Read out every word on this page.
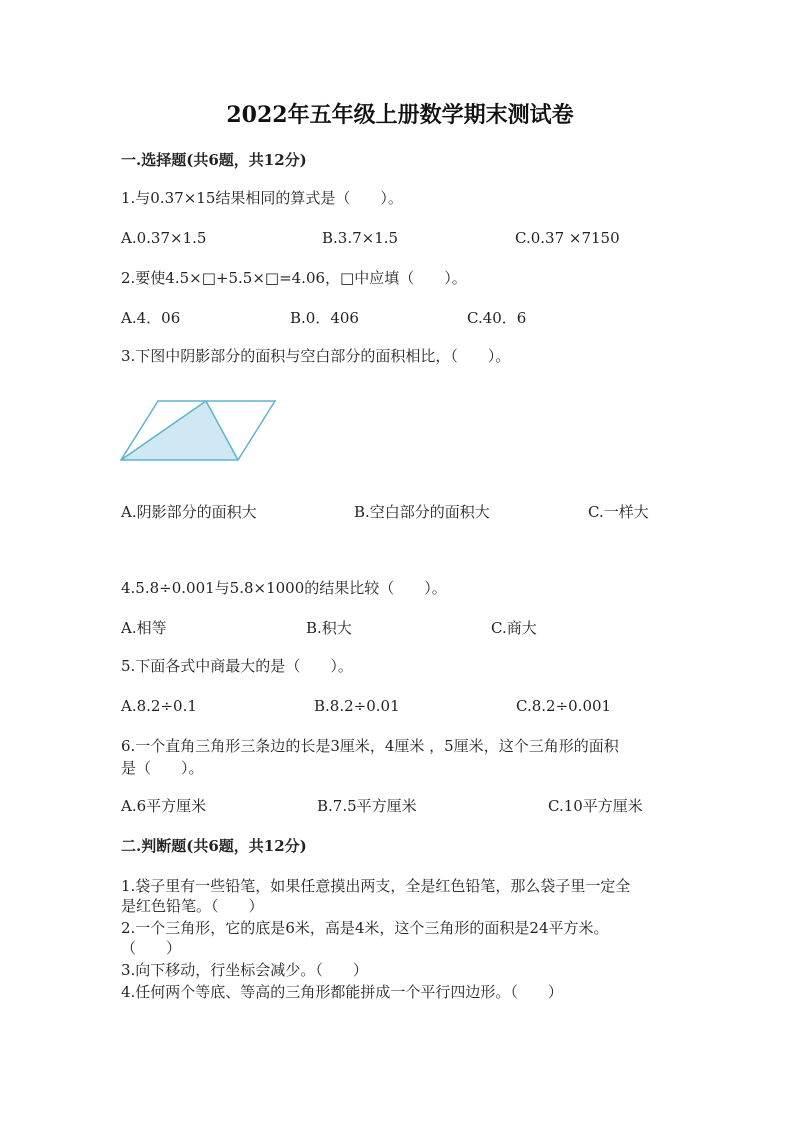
2022年五年级上册数学期末测试卷
一.选择题(共6题，共12分)
1.与0.37×15结果相同的算式是（　　）。
A.0.37×1.5	B.3.7×1.5	C.0.37 ×7150
2.要使4.5×□+5.5×□=4.06，□中应填（　　）。
A.4．06	B.0．406	C.40．6
3.下图中阴影部分的面积与空白部分的面积相比，（　　）。
A.阴影部分的面积大	B.空白部分的面积大	C.一样大
4.5.8÷0.001与5.8×1000的结果比较（　　）。
A.相等	B.积大	C.商大
5.下面各式中商最大的是（　　）。
A.8.2÷0.1	B.8.2÷0.01	C.8.2÷0.001
6.一个直角三角形三条边的长是3厘米，4厘米 ，5厘米，这个三角形的面积
是（　　）。
A.6平方厘米	B.7.5平方厘米	C.10平方厘米
二.判断题(共6题，共12分)
1.袋子里有一些铅笔，如果任意摸出两支，全是红色铅笔，那么袋子里一定全
是红色铅笔。（　　）
2.一个三角形，它的底是6米，高是4米，这个三角形的面积是24平方米。
（　　）
3.向下移动，行坐标会减少。（　　）
4.任何两个等底、等高的三角形都能拼成一个平行四边形。（　　）
